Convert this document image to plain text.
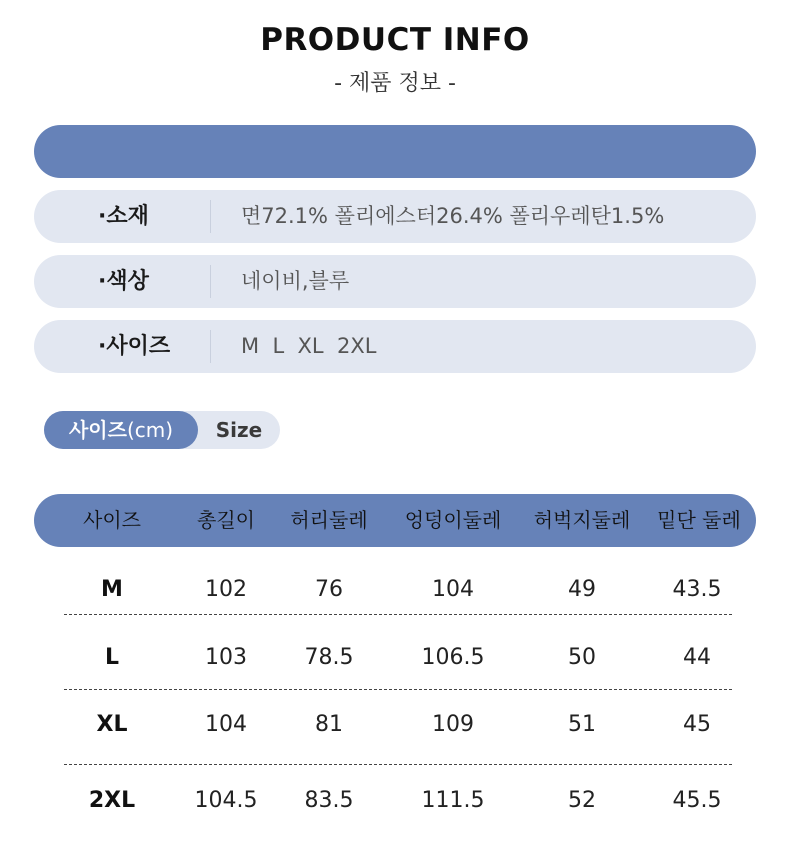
PRODUCT INFO
- 제품 정보 -
·소재	면72.1% 폴리에스터26.4% 폴리우레탄1.5%
·색상	네이비,블루
·사이즈	M  L  XL  2XL
사이즈(cm)	Size
사이즈	총길이	허리둘레	엉덩이둘레	허벅지둘레	밑단 둘레
M	102	76	104	49	43.5
L	103	78.5	106.5	50	44
XL	104	81	109	51	45
2XL	104.5	83.5	111.5	52	45.5
